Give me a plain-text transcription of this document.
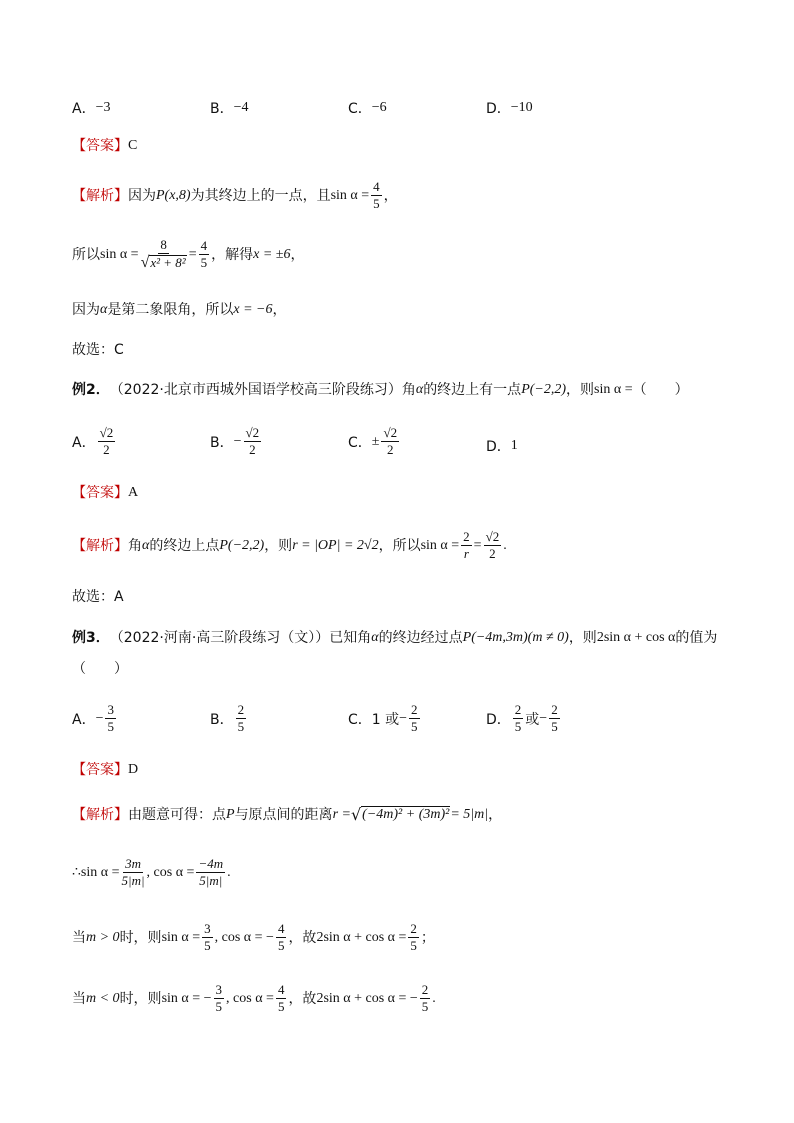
A． −3	B． −4	C． −6	D． −10
【答案】 C
【解析】 因为 P(x,8) 为其终边上的一点，且 $\sin \alpha = \frac{4}{5}$ ，
所以 $\sin \alpha = \frac{8}{\text{√ x² + 8²}} = \frac{4}{5}$ ，解得 x = ±6 ，
因为 α 是第二象限角，所以 x = −6 ，
故选：C
例2． （2022·北京市西城外国语学校高三阶段练习）角 α 的终边上有一点 P(−2,2) ，则 sin α = （　　）
A． $\frac{√2}{2}$	B． − $\frac{√2}{2}$	C． ± $\frac{√2}{2}$	D． 1
【答案】 A
【解析】 角 α 的终边上点 P(−2,2) ，则 r = |OP| = 2√2 ，所以 $\sin \alpha = \frac{2}{r} = \frac{√2}{2}$ .
故选：A
例3． （2022·河南·高三阶段练习（文））已知角 α 的终边经过点 P(−4m,3m)(m ≠ 0) ，则 2sin α + cos α 的值为
（　　）
A． − $\frac{3}{5}$	B． $\frac{2}{5}$	C． 1 或 − $\frac{2}{5}$	D． $\frac{2}{5}$ 或 − $\frac{2}{5}$
【答案】 D
【解析】 由题意可得：点 P 与原点间的距离 r = √ (−4m)² + (3m)² = 5|m| ，
∴ $\sin \alpha = \frac{3m}{5|m|}$ , $\cos \alpha = \frac{-4m}{5|m|}$ .
当 m > 0 时，则 $\sin \alpha = \frac{3}{5}$ , cos α = − $\frac{4}{5}$ ，故 2sin $\alpha + \cos \alpha = \frac{2}{5}$ ；
当 m < 0 时，则 sin α = − $\frac{3}{5}$ , $\cos \alpha = \frac{4}{5}$ ，故 2sin α + cos α = − $\frac{2}{5}$ .
